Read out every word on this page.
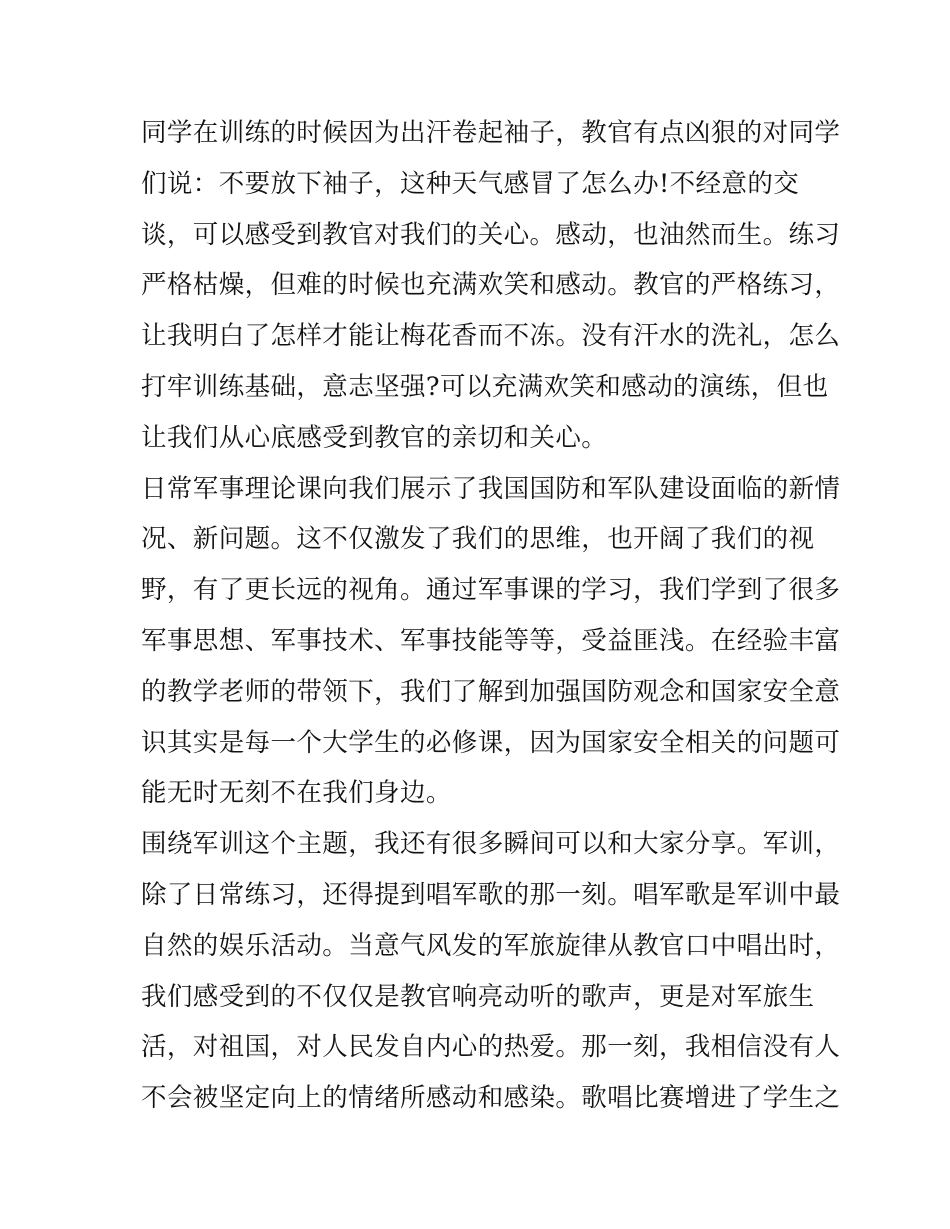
同学在训练的时候因为出汗卷起袖子，教官有点凶狠的对同学
们说：不要放下袖子，这种天气感冒了怎么办!不经意的交
谈，可以感受到教官对我们的关心。感动，也油然而生。练习
严格枯燥，但难的时候也充满欢笑和感动。教官的严格练习，
让我明白了怎样才能让梅花香而不冻。没有汗水的洗礼，怎么
打牢训练基础，意志坚强?可以充满欢笑和感动的演练，但也
让我们从心底感受到教官的亲切和关心。
日常军事理论课向我们展示了我国国防和军队建设面临的新情
况、新问题。这不仅激发了我们的思维，也开阔了我们的视
野，有了更长远的视角。通过军事课的学习，我们学到了很多
军事思想、军事技术、军事技能等等，受益匪浅。在经验丰富
的教学老师的带领下，我们了解到加强国防观念和国家安全意
识其实是每一个大学生的必修课，因为国家安全相关的问题可
能无时无刻不在我们身边。
围绕军训这个主题，我还有很多瞬间可以和大家分享。军训，
除了日常练习，还得提到唱军歌的那一刻。唱军歌是军训中最
自然的娱乐活动。当意气风发的军旅旋律从教官口中唱出时，
我们感受到的不仅仅是教官响亮动听的歌声，更是对军旅生
活，对祖国，对人民发自内心的热爱。那一刻，我相信没有人
不会被坚定向上的情绪所感动和感染。歌唱比赛增进了学生之
